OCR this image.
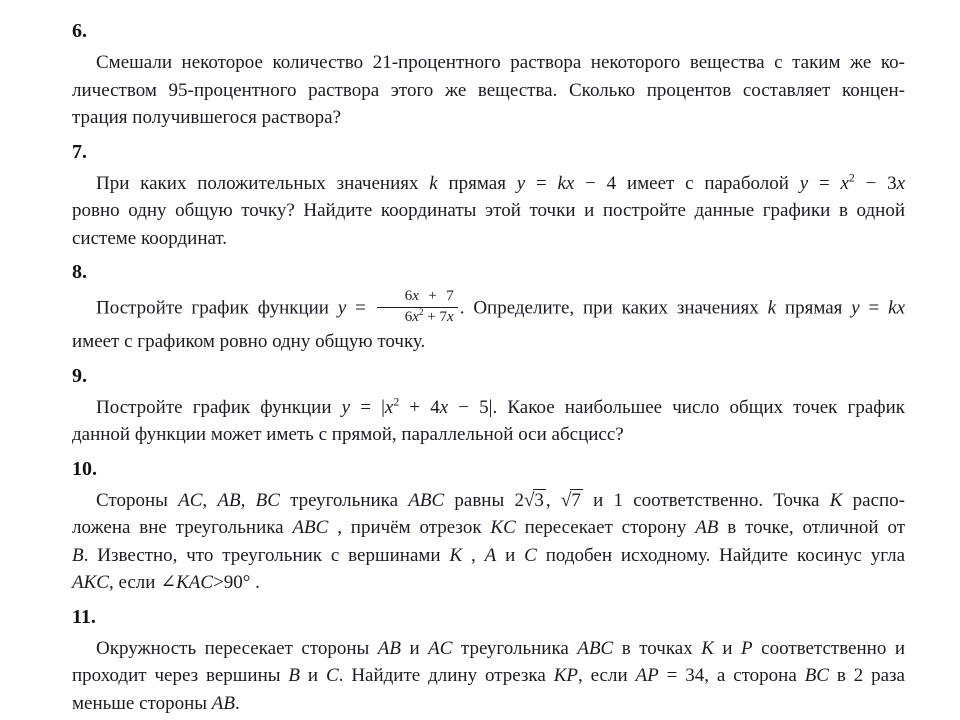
6.
Смешали некоторое количество 21-процентного раствора некоторого вещества с таким же ко-
личеством 95-процентного раствора этого же вещества. Сколько процентов составляет концен-
трация получившегося раствора?
7.
При каких положительных значениях k прямая y = kx − 4 имеет с параболой $y = x^2 - 3x$
ровно одну общую точку? Найдите координаты этой точки и постройте данные графики в одной
системе координат.
8.
Постройте график функции $y = \frac{6x + 7}{6x^2 + 7x}$ . Определите, при каких значениях k прямая y = kx
имеет с графиком ровно одну общую точку.
9.
Постройте график функции $y = |x^2 + 4x - 5|$. Какое наибольшее число общих точек график
данной функции может иметь с прямой, параллельной оси абсцисс?
10.
Стороны AC, AB, BC треугольника ABC равны 2√3 , √7 и 1 соответственно. Точка K распо-
ложена вне треугольника ABC , причём отрезок KC пересекает сторону AB в точке, отличной от
B. Известно, что треугольник с вершинами K , A и C подобен исходному. Найдите косинус угла
AKC, если ∠KAC>90° .
11.
Окружность пересекает стороны AB и AC треугольника ABC в точках K и P соответственно и
проходит через вершины B и C. Найдите длину отрезка KP, если AP = 34, а сторона BC в 2 раза
меньше стороны AB.
